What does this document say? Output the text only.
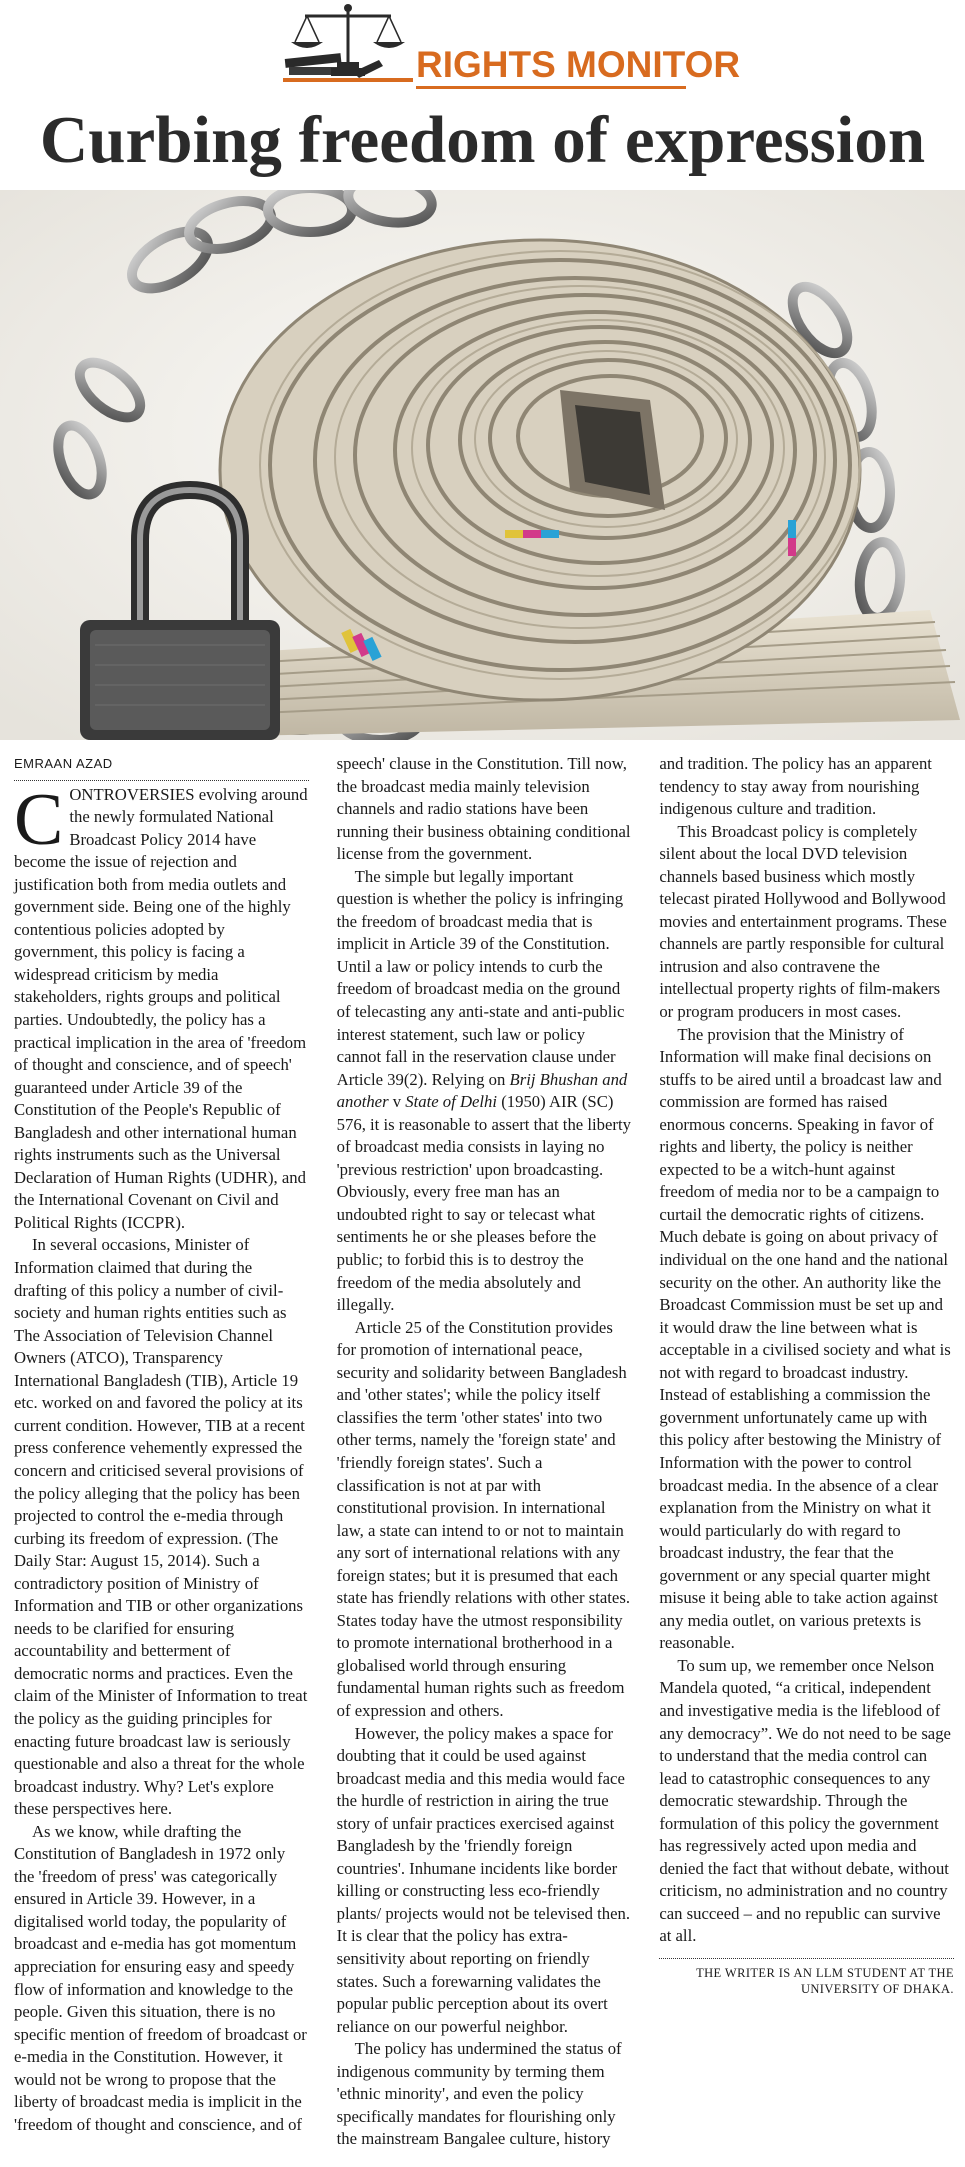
RIGHTS MONITOR
Curbing freedom of expression
EMRAAN AZAD

CONTROVERSIES evolving around the newly formulated National Broadcast Policy 2014 have become the issue of rejection and justification both from media outlets and government side. Being one of the highly contentious policies adopted by government, this policy is facing a widespread criticism by media stakeholders, rights groups and political parties. Undoubtedly, the policy has a practical implication in the area of 'freedom of thought and conscience, and of speech' guaranteed under Article 39 of the Constitution of the People's Republic of Bangladesh and other international human rights instruments such as the Universal Declaration of Human Rights (UDHR), and the International Covenant on Civil and Political Rights (ICCPR).

In several occasions, Minister of Information claimed that during the drafting of this policy a number of civil-society and human rights entities such as The Association of Television Channel Owners (ATCO), Transparency International Bangladesh (TIB), Article 19 etc. worked on and favored the policy at its current condition. However, TIB at a recent press conference vehemently expressed the concern and criticised several provisions of the policy alleging that the policy has been projected to control the e-media through curbing its freedom of expression. (The Daily Star: August 15, 2014). Such a contradictory position of Ministry of Information and TIB or other organizations needs to be clarified for ensuring accountability and betterment of democratic norms and practices. Even the claim of the Minister of Information to treat the policy as the guiding principles for enacting future broadcast law is seriously questionable and also a threat for the whole broadcast industry. Why? Let's explore these perspectives here.

As we know, while drafting the Constitution of Bangladesh in 1972 only the 'freedom of press' was categorically ensured in Article 39. However, in a digitalised world today, the popularity of broadcast and e-media has got momentum appreciation for ensuring easy and speedy flow of information and knowledge to the people. Given this situation, there is no specific mention of freedom of broadcast or e-media in the Constitution. However, it would not be wrong to propose that the liberty of broadcast media is implicit in the 'freedom of thought and conscience, and of speech' clause in the Constitution. Till now, the broadcast media mainly television channels and radio stations have been running their business obtaining conditional license from the government.

The simple but legally important question is whether the policy is infringing the freedom of broadcast media that is implicit in Article 39 of the Constitution. Until a law or policy intends to curb the freedom of broadcast media on the ground of telecasting any anti-state and anti-public interest statement, such law or policy cannot fall in the reservation clause under Article 39(2). Relying on Brij Bhushan and another v State of Delhi (1950) AIR (SC) 576, it is reasonable to assert that the liberty of broadcast media consists in laying no 'previous restriction' upon broadcasting. Obviously, every free man has an undoubted right to say or telecast what sentiments he or she pleases before the public; to forbid this is to destroy the freedom of the media absolutely and illegally.

Article 25 of the Constitution provides for promotion of international peace, security and solidarity between Bangladesh and 'other states'; while the policy itself classifies the term 'other states' into two other terms, namely the 'foreign state' and 'friendly foreign states'. Such a classification is not at par with constitutional provision. In international law, a state can intend to or not to maintain any sort of international relations with any foreign states; but it is presumed that each state has friendly relations with other states. States today have the utmost responsibility to promote international brotherhood in a globalised world through ensuring fundamental human rights such as freedom of expression and others.

However, the policy makes a space for doubting that it could be used against broadcast media and this media would face the hurdle of restriction in airing the true story of unfair practices exercised against Bangladesh by the 'friendly foreign countries'. Inhumane incidents like border killing or constructing less eco-friendly plants/ projects would not be televised then. It is clear that the policy has extra-sensitivity about reporting on friendly states. Such a forewarning validates the popular public perception about its overt reliance on our powerful neighbor.

The policy has undermined the status of indigenous community by terming them 'ethnic minority', and even the policy specifically mandates for flourishing only the mainstream Bangalee culture, history and tradition. The policy has an apparent tendency to stay away from nourishing indigenous culture and tradition.

This Broadcast policy is completely silent about the local DVD television channels based business which mostly telecast pirated Hollywood and Bollywood movies and entertainment programs. These channels are partly responsible for cultural intrusion and also contravene the intellectual property rights of film-makers or program producers in most cases.

The provision that the Ministry of Information will make final decisions on stuffs to be aired until a broadcast law and commission are formed has raised enormous concerns. Speaking in favor of rights and liberty, the policy is neither expected to be a witch-hunt against freedom of media nor to be a campaign to curtail the democratic rights of citizens. Much debate is going on about privacy of individual on the one hand and the national security on the other. An authority like the Broadcast Commission must be set up and it would draw the line between what is acceptable in a civilised society and what is not with regard to broadcast industry. Instead of establishing a commission the government unfortunately came up with this policy after bestowing the Ministry of Information with the power to control broadcast media. In the absence of a clear explanation from the Ministry on what it would particularly do with regard to broadcast industry, the fear that the government or any special quarter might misuse it being able to take action against any media outlet, on various pretexts is reasonable.

To sum up, we remember once Nelson Mandela quoted, “a critical, independent and investigative media is the lifeblood of any democracy”. We do not need to be sage to understand that the media control can lead to catastrophic consequences to any democratic stewardship. Through the formulation of this policy the government has regressively acted upon media and denied the fact that without debate, without criticism, no administration and no country can succeed – and no republic can survive at all.

THE WRITER IS AN LLM STUDENT AT THE UNIVERSITY OF DHAKA.
